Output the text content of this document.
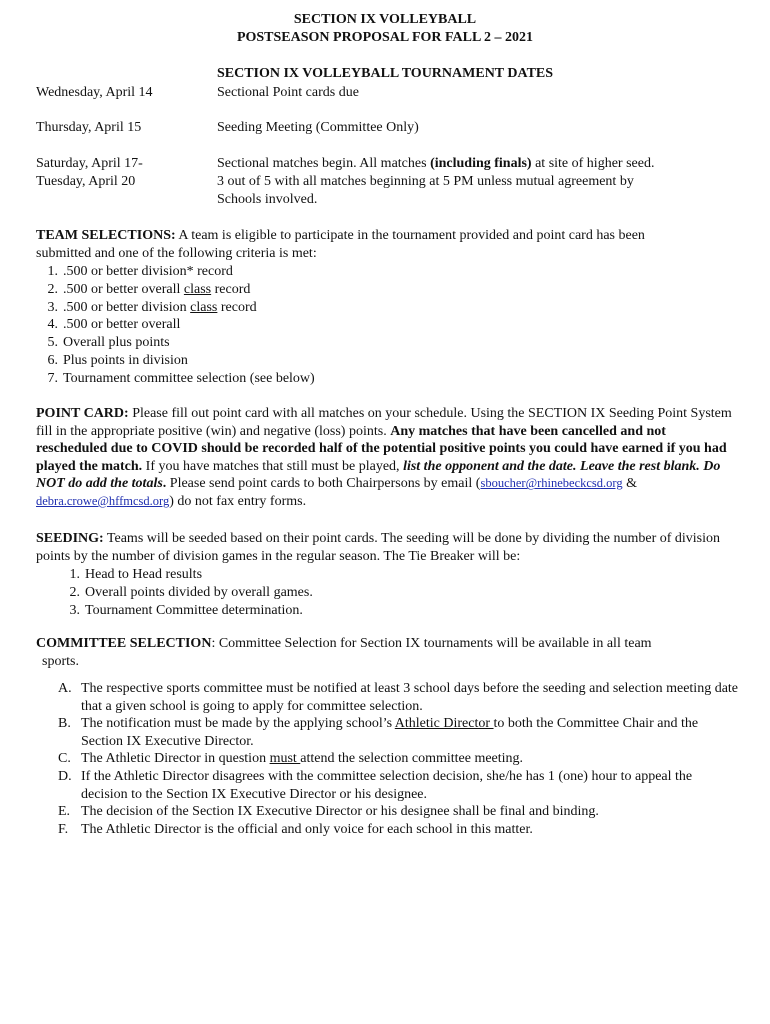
SECTION IX VOLLEYBALL
POSTSEASON PROPOSAL FOR FALL 2 – 2021
SECTION IX VOLLEYBALL TOURNAMENT DATES
Wednesday, April 14	Sectional Point cards due
Thursday, April 15	Seeding Meeting (Committee Only)
Saturday, April 17-
Tuesday, April 20
Sectional matches begin. All matches (including finals) at site of higher seed.
3 out of 5 with all matches beginning at 5 PM unless mutual agreement by
Schools involved.
TEAM SELECTIONS: A team is eligible to participate in the tournament provided and point card has been
submitted and one of the following criteria is met:
1. .500 or better division* record
2. .500 or better overall class record
3. .500 or better division class record
4. .500 or better overall
5. Overall plus points
6. Plus points in division
7. Tournament committee selection (see below)
POINT CARD: Please fill out point card with all matches on your schedule. Using the SECTION IX Seeding Point System fill in the appropriate positive (win) and negative (loss) points. Any matches that have been cancelled and not rescheduled due to COVID should be recorded half of the potential positive points you could have earned if you had played the match. If you have matches that still must be played, list the opponent and the date. Leave the rest blank. Do NOT do add the totals. Please send point cards to both Chairpersons by email (sboucher@rhinebeckcsd.org & debra.crowe@hffmcsd.org) do not fax entry forms.
SEEDING: Teams will be seeded based on their point cards. The seeding will be done by dividing the number of division points by the number of division games in the regular season. The Tie Breaker will be:
1. Head to Head results
2. Overall points divided by overall games.
3. Tournament Committee determination.
COMMITTEE SELECTION: Committee Selection for Section IX tournaments will be available in all team
sports.
A. The respective sports committee must be notified at least 3 school days before the seeding and selection meeting date that a given school is going to apply for committee selection.
B. The notification must be made by the applying school’s Athletic Director to both the Committee Chair and the Section IX Executive Director.
C. The Athletic Director in question must attend the selection committee meeting.
D. If the Athletic Director disagrees with the committee selection decision, she/he has 1 (one) hour to appeal the decision to the Section IX Executive Director or his designee.
E. The decision of the Section IX Executive Director or his designee shall be final and binding.
F. The Athletic Director is the official and only voice for each school in this matter.
